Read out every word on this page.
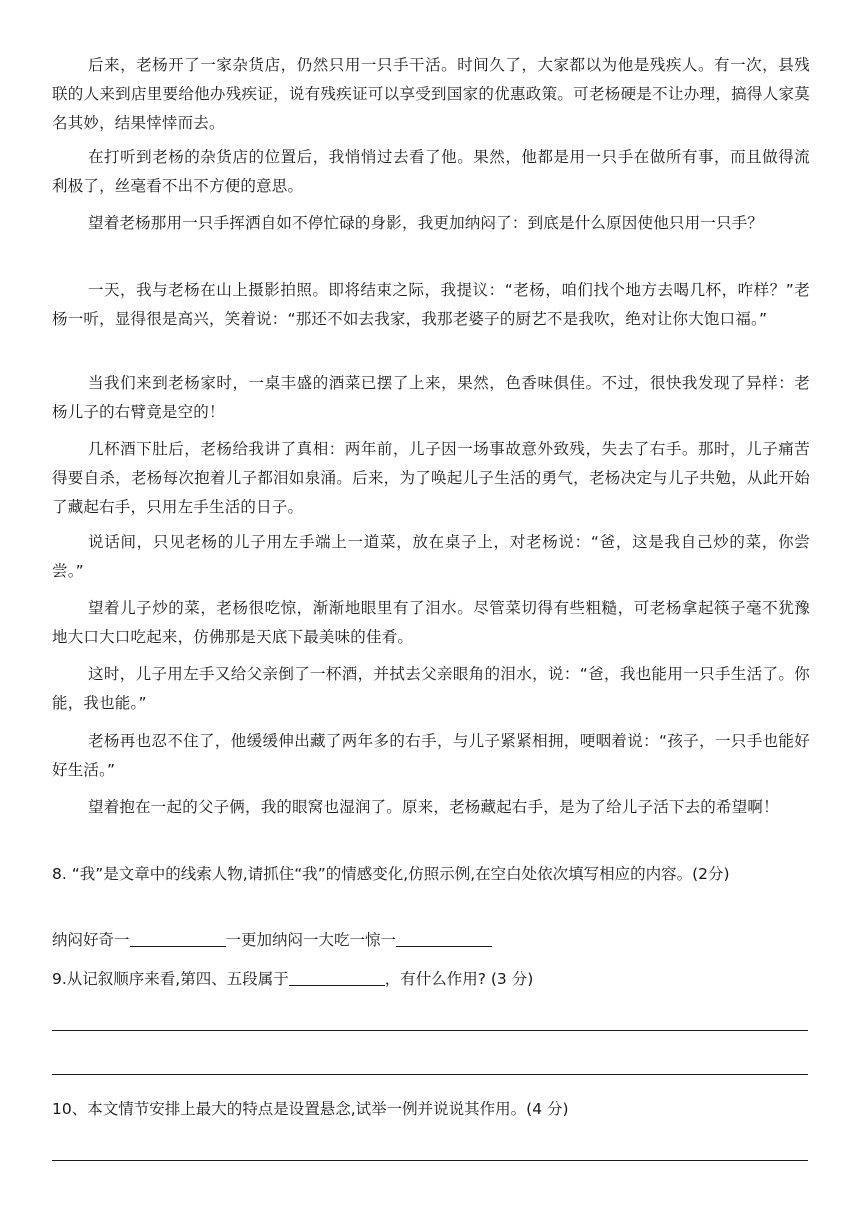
后来，老杨开了一家杂货店，仍然只用一只手干活。时间久了，大家都以为他是残疾人。有一次，县残联的人来到店里要给他办残疾证，说有残疾证可以享受到国家的优惠政策。可老杨硬是不让办理，搞得人家莫名其妙，结果悻悻而去。

在打听到老杨的杂货店的位置后，我悄悄过去看了他。果然，他都是用一只手在做所有事，而且做得流利极了，丝毫看不出不方便的意思。

望着老杨那用一只手挥洒自如不停忙碌的身影，我更加纳闷了：到底是什么原因使他只用一只手？

一天，我与老杨在山上摄影拍照。即将结束之际，我提议：“老杨，咱们找个地方去喝几杯，咋样？”老杨一听，显得很是高兴，笑着说：“那还不如去我家，我那老婆子的厨艺不是我吹，绝对让你大饱口福。”

当我们来到老杨家时，一桌丰盛的酒菜已摆了上来，果然，色香味俱佳。不过，很快我发现了异样：老杨儿子的右臂竟是空的！

几杯酒下肚后，老杨给我讲了真相：两年前，儿子因一场事故意外致残，失去了右手。那时，儿子痛苦得要自杀，老杨每次抱着儿子都泪如泉涌。后来，为了唤起儿子生活的勇气，老杨决定与儿子共勉，从此开始了藏起右手，只用左手生活的日子。

说话间，只见老杨的儿子用左手端上一道菜，放在桌子上，对老杨说：“爸，这是我自己炒的菜，你尝尝。”

望着儿子炒的菜，老杨很吃惊，渐渐地眼里有了泪水。尽管菜切得有些粗糙，可老杨拿起筷子毫不犹豫地大口大口吃起来，仿佛那是天底下最美味的佳肴。

这时，儿子用左手又给父亲倒了一杯酒，并拭去父亲眼角的泪水，说：“爸，我也能用一只手生活了。你能，我也能。”

老杨再也忍不住了，他缓缓伸出藏了两年多的右手，与儿子紧紧相拥，哽咽着说：“孩子，一只手也能好好生活。”

望着抱在一起的父子俩，我的眼窝也湿润了。原来，老杨藏起右手，是为了给儿子活下去的希望啊！

8. “我”是文章中的线索人物,请抓住“我”的情感变化,仿照示例,在空白处依次填写相应的内容。(2分)

纳闷好奇一	一更加纳闷一大吃一惊一

9.从记叙顺序来看,第四、五段属于	，有什么作用? (3 分)

10、本文情节安排上最大的特点是设置悬念,试举一例并说说其作用。(4 分)
